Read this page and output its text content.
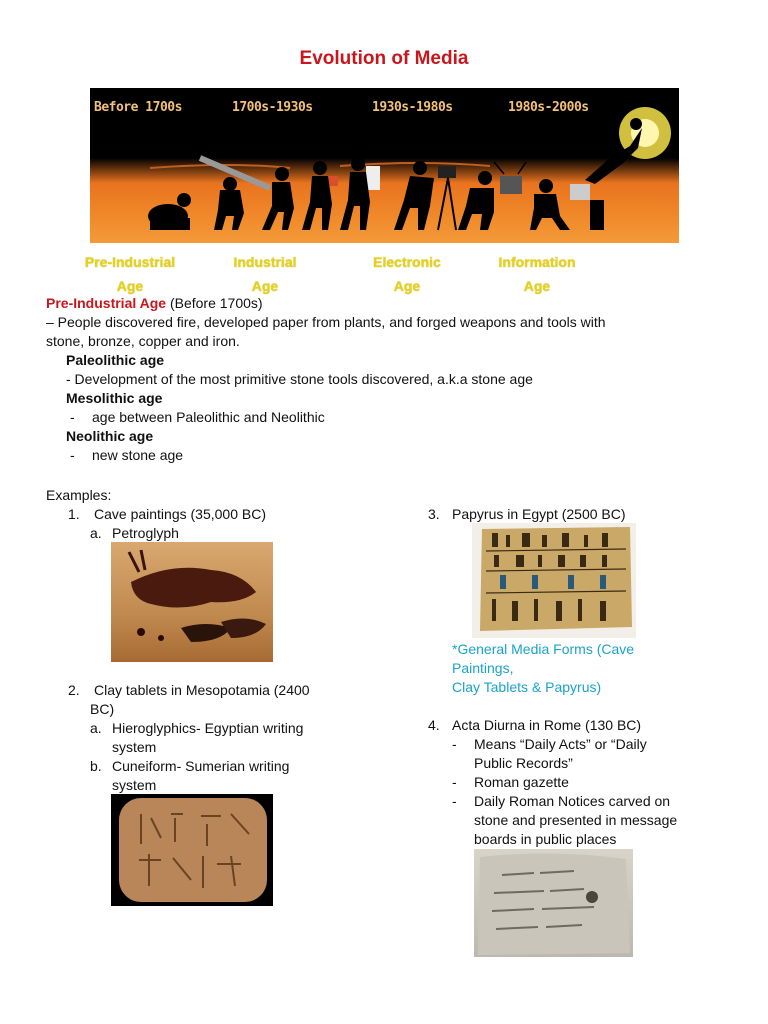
Evolution of Media
Before 1700s	1700s-1930s	1930s-1980s	1980s-2000s
Pre-Industrial
Age
Industrial
Age
Electronic
Age
Information
Age
Pre-Industrial Age (Before 1700s)
– People discovered fire, developed paper from plants, and forged weapons and tools with
stone, bronze, copper and iron.
Paleolithic age
- Development of the most primitive stone tools discovered, a.k.a stone age
Mesolithic age
- age between Paleolithic and Neolithic
Neolithic age
- new stone age
Examples:
1. Cave paintings (35,000 BC)
a. Petroglyph
2. Clay tablets in Mesopotamia (2400
BC)
a. Hieroglyphics- Egyptian writing
system
b. Cuneiform- Sumerian writing
system
3. Papyrus in Egypt (2500 BC)
*General Media Forms (Cave
Paintings,
Clay Tablets & Papyrus)
4. Acta Diurna in Rome (130 BC)
- Means “Daily Acts” or “Daily
Public Records”
- Roman gazette
- Daily Roman Notices carved on
stone and presented in message
boards in public places
